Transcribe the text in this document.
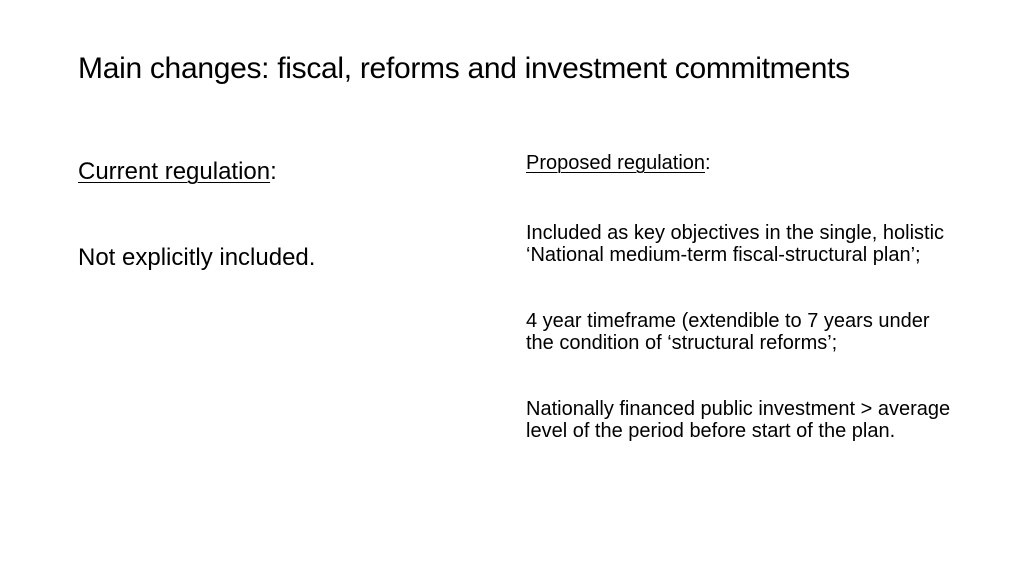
Main changes: fiscal, reforms and investment commitments

Current regulation:

Not explicitly included.

Proposed regulation:

Included as key objectives in the single, holistic ‘National medium-term fiscal-structural plan’;

4 year timeframe (extendible to 7 years under the condition of ‘structural reforms’;

Nationally financed public investment > average level of the period before start of the plan.
